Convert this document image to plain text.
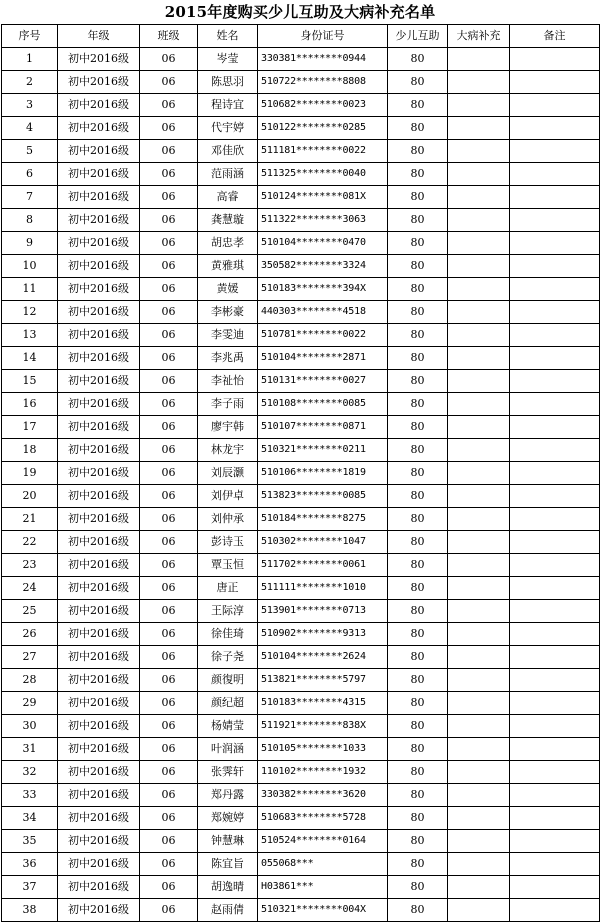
2015年度购买少儿互助及大病补充名单
序号	年级	班级	姓名	身份证号	少儿互助	大病补充	备注
1	初中2016级	06	岑莹	330381********0944	80		
2	初中2016级	06	陈思羽	510722********8808	80		
3	初中2016级	06	程诗宜	510682********0023	80		
4	初中2016级	06	代宇婷	510122********0285	80		
5	初中2016级	06	邓佳欣	511181********0022	80		
6	初中2016级	06	范雨涵	511325********0040	80		
7	初中2016级	06	高睿	510124********081X	80		
8	初中2016级	06	龚慧璇	511322********3063	80		
9	初中2016级	06	胡忠孝	510104********0470	80		
10	初中2016级	06	黄雅琪	350582********3324	80		
11	初中2016级	06	黄媛	510183********394X	80		
12	初中2016级	06	李彬豪	440303********4518	80		
13	初中2016级	06	李雯迪	510781********0022	80		
14	初中2016级	06	李兆禹	510104********2871	80		
15	初中2016级	06	李祉怡	510131********0027	80		
16	初中2016级	06	李子雨	510108********0085	80		
17	初中2016级	06	廖宇韩	510107********0871	80		
18	初中2016级	06	林龙宇	510321********0211	80		
19	初中2016级	06	刘辰灏	510106********1819	80		
20	初中2016级	06	刘伊卓	513823********0085	80		
21	初中2016级	06	刘仲承	510184********8275	80		
22	初中2016级	06	彭诗玉	510302********1047	80		
23	初中2016级	06	覃玉恒	511702********0061	80		
24	初中2016级	06	唐正	511111********1010	80		
25	初中2016级	06	王际淳	513901********0713	80		
26	初中2016级	06	徐佳琦	510902********9313	80		
27	初中2016级	06	徐子尧	510104********2624	80		
28	初中2016级	06	颜復明	513821********5797	80		
29	初中2016级	06	颜纪超	510183********4315	80		
30	初中2016级	06	杨婧莹	511921********838X	80		
31	初中2016级	06	叶润涵	510105********1033	80		
32	初中2016级	06	张霁轩	110102********1932	80		
33	初中2016级	06	郑丹露	330382********3620	80		
34	初中2016级	06	郑婉婷	510683********5728	80		
35	初中2016级	06	钟慧琳	510524********0164	80		
36	初中2016级	06	陈宜旨	055068***	80		
37	初中2016级	06	胡逸晴	H03861***	80		
38	初中2016级	06	赵雨倩	510321********004X	80		
